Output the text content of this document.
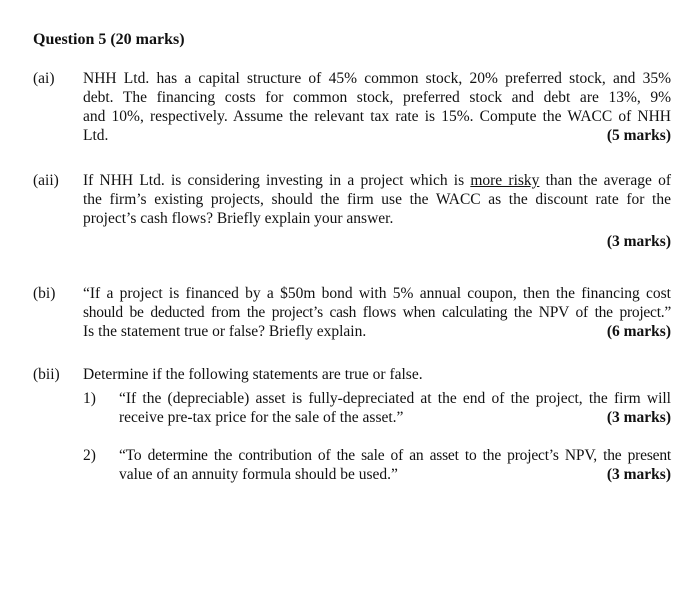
Question 5 (20 marks)
(ai) NHH Ltd. has a capital structure of 45% common stock, 20% preferred stock, and 35%
debt. The financing costs for common stock, preferred stock and debt are 13%, 9%
and 10%, respectively. Assume the relevant tax rate is 15%. Compute the WACC of NHH
Ltd.	(5 marks)
(aii) If NHH Ltd. is considering investing in a project which is more risky than the average of
the firm’s existing projects, should the firm use the WACC as the discount rate for the
project’s cash flows? Briefly explain your answer.
(3 marks)
(bi) “If a project is financed by a $50m bond with 5% annual coupon, then the financing cost
should be deducted from the project’s cash flows when calculating the NPV of the project.”
Is the statement true or false? Briefly explain.	(6 marks)
(bii) Determine if the following statements are true or false.
1) “If the (depreciable) asset is fully-depreciated at the end of the project, the firm will
receive pre-tax price for the sale of the asset.”	(3 marks)
2) “To determine the contribution of the sale of an asset to the project’s NPV, the present
value of an annuity formula should be used.”	(3 marks)
